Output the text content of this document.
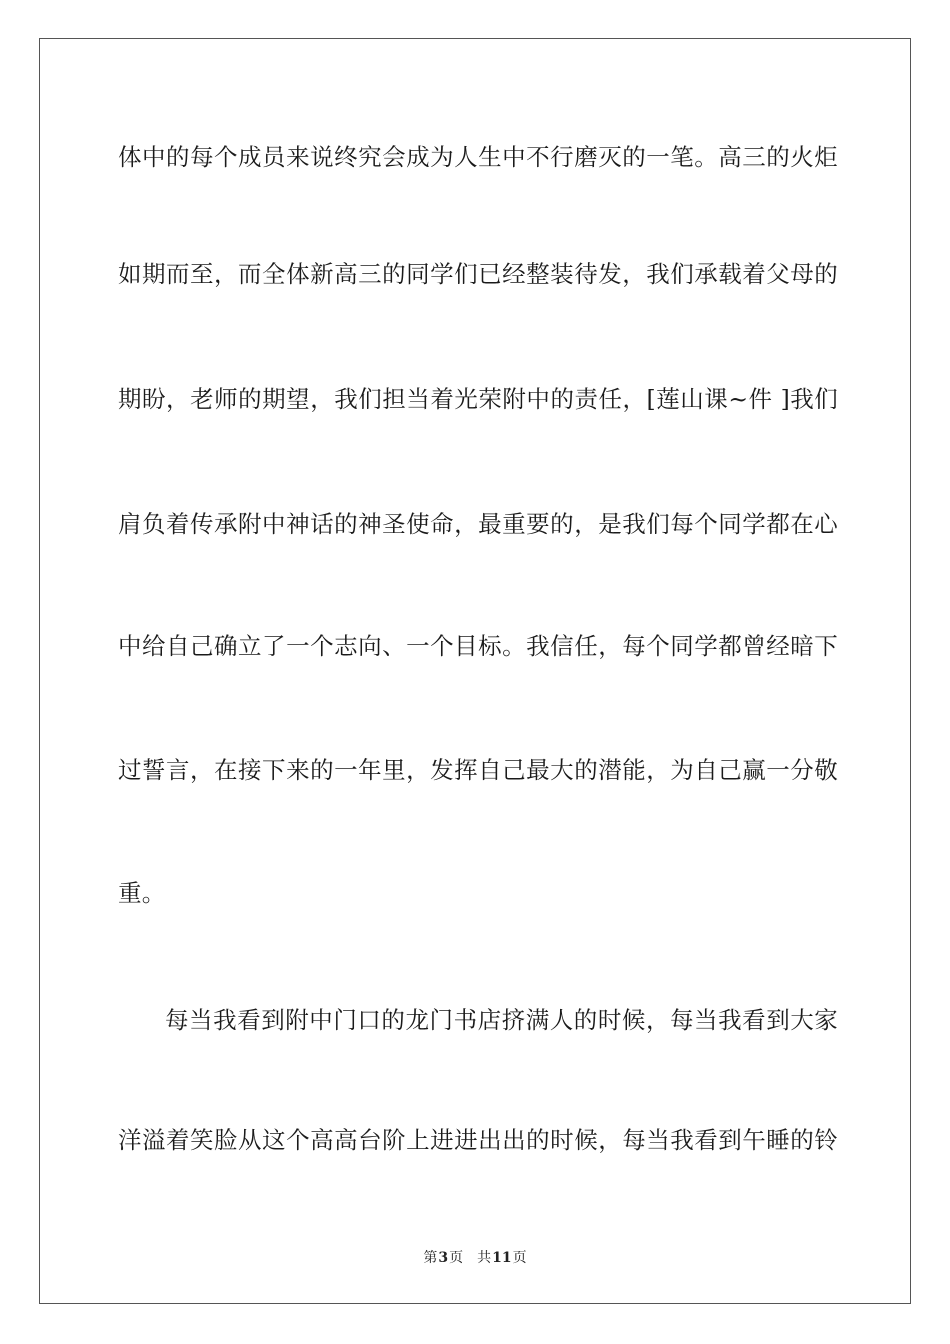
体中的每个成员来说终究会成为人生中不行磨灭的一笔。高三的火炬
如期而至，而全体新高三的同学们已经整装待发，我们承载着父母的
期盼，老师的期望，我们担当着光荣附中的责任，[莲山课~件 ]我们
肩负着传承附中神话的神圣使命，最重要的，是我们每个同学都在心
中给自己确立了一个志向、一个目标。我信任，每个同学都曾经暗下
过誓言，在接下来的一年里，发挥自己最大的潜能，为自己赢一分敬
重。
每当我看到附中门口的龙门书店挤满人的时候，每当我看到大家
洋溢着笑脸从这个高高台阶上进进出出的时候，每当我看到午睡的铃
第3页 共11页
